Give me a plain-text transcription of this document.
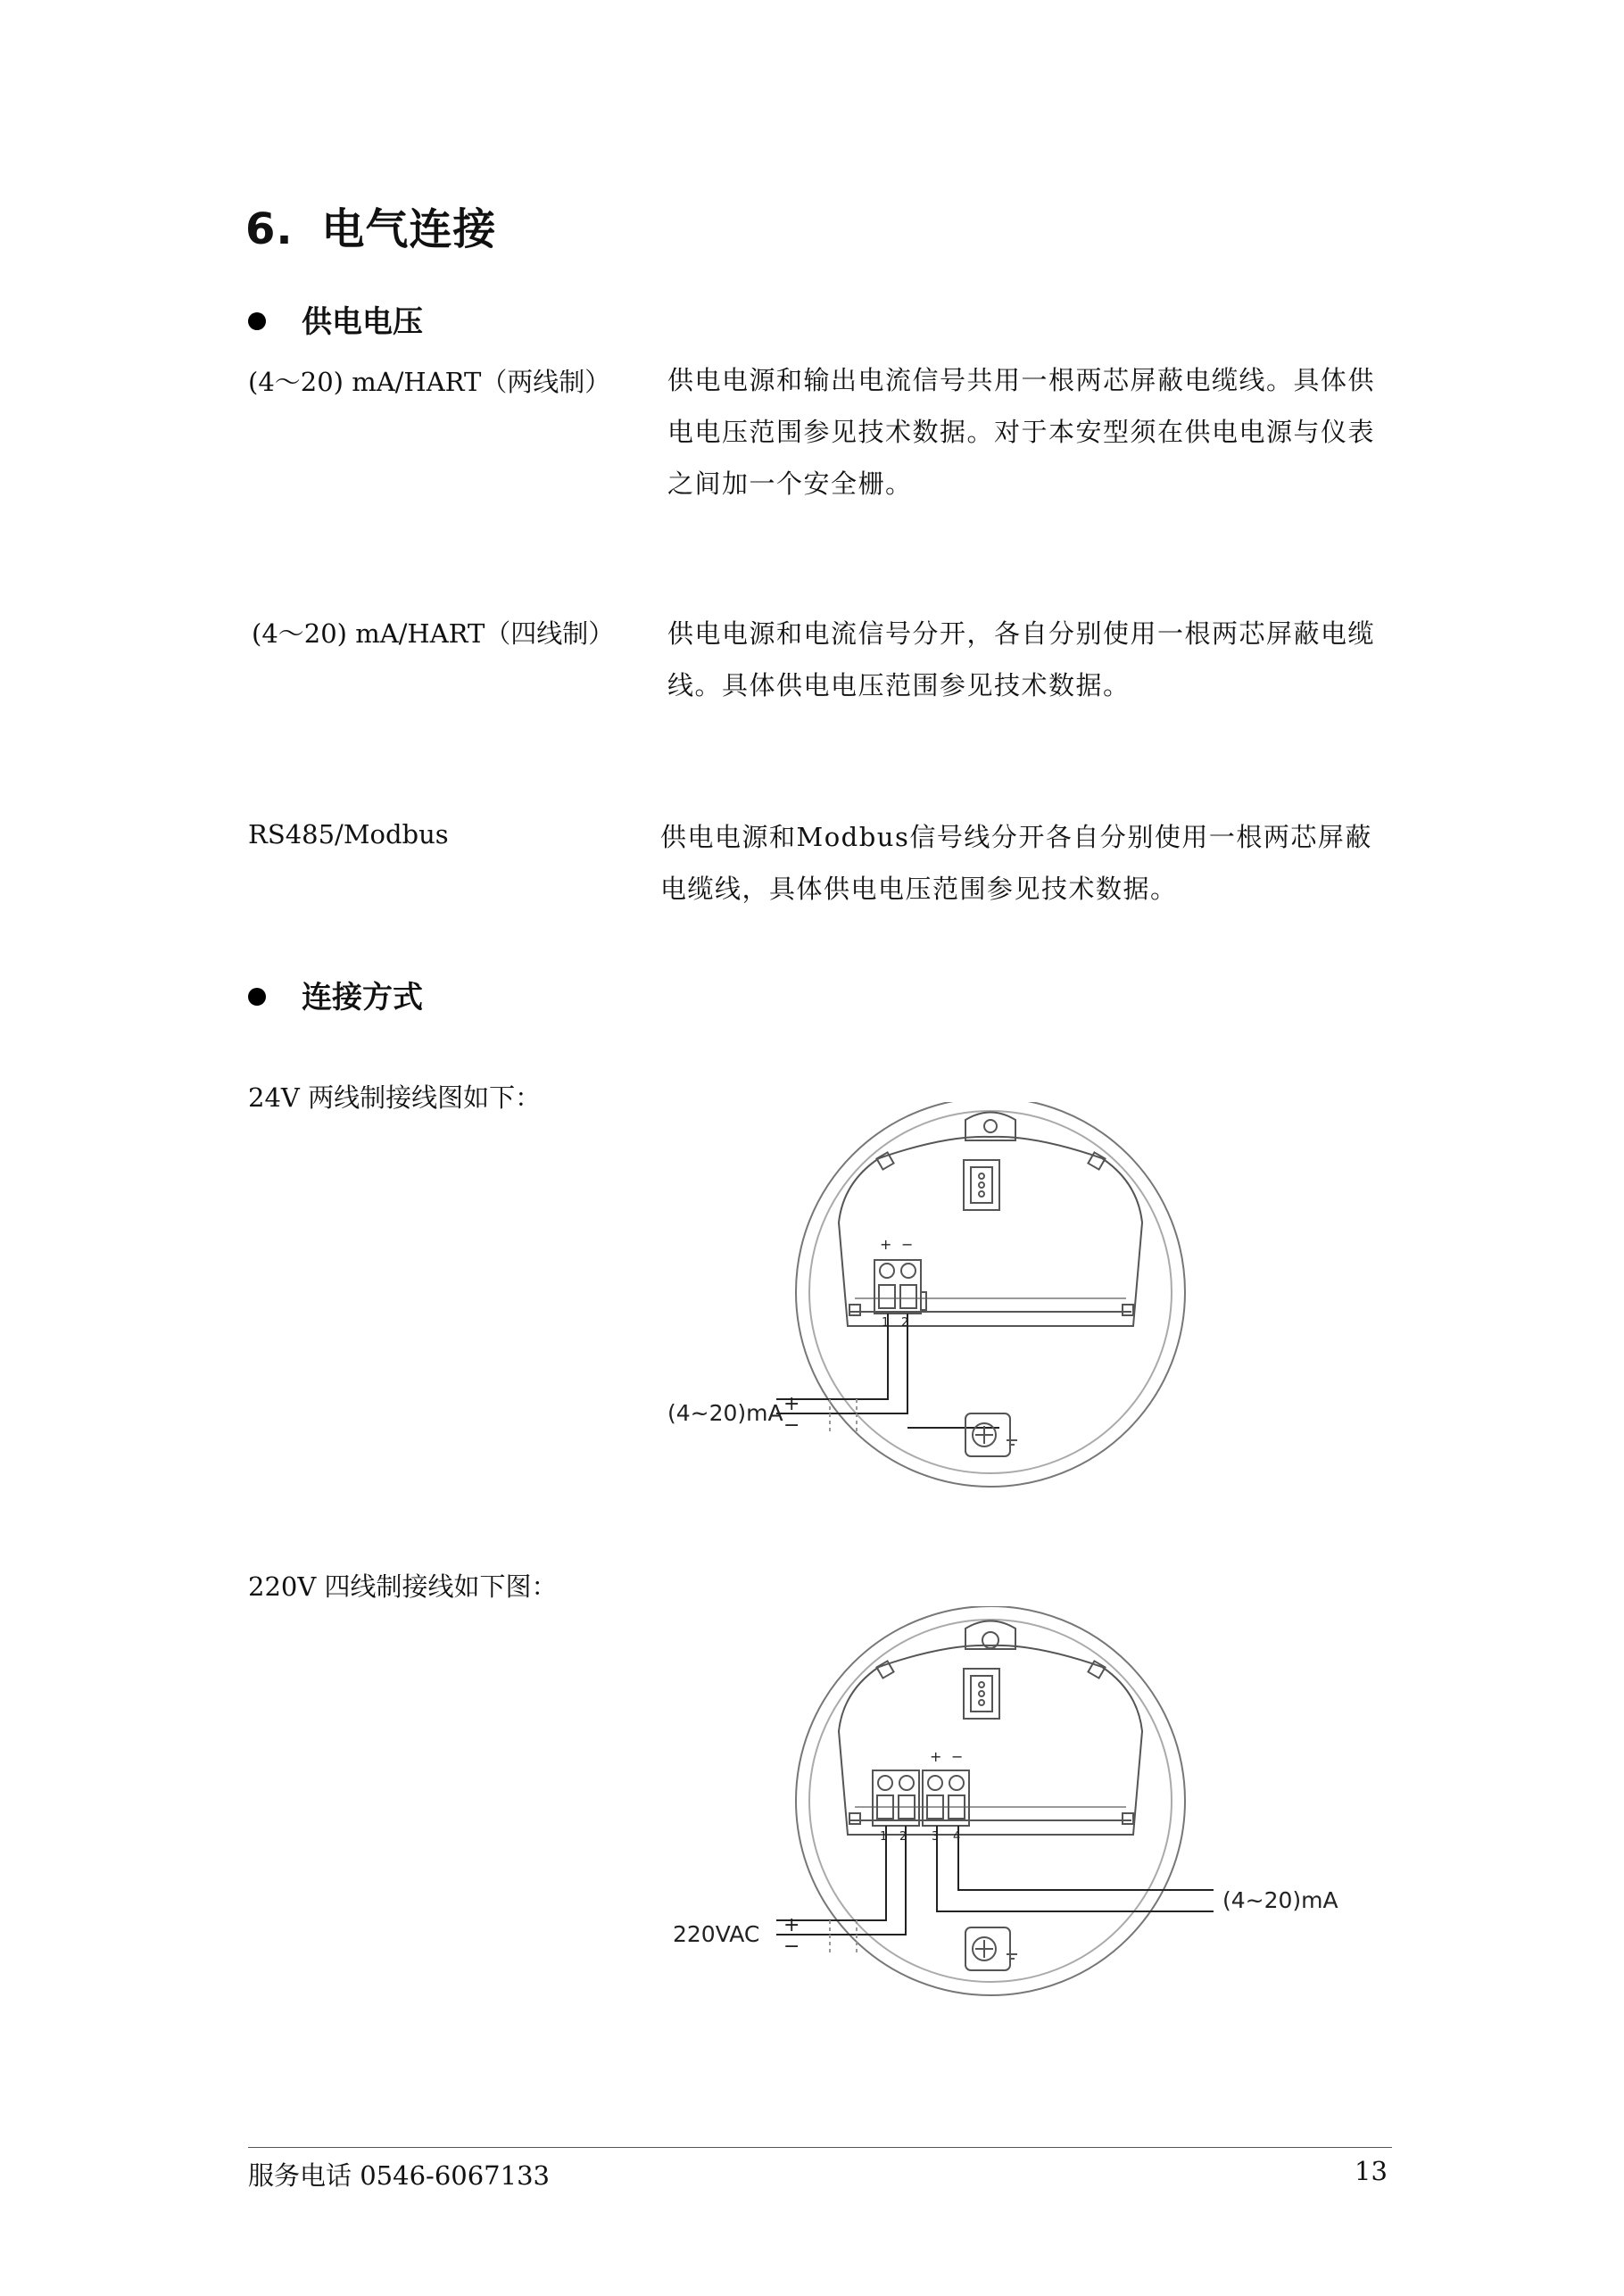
6. 电气连接
供电电压
(4～20) mA/HART（两线制） 供电电源和输出电流信号共用一根两芯屏蔽电缆线。具体供电电压范围参见技术数据。对于本安型须在供电电源与仪表之间加一个安全栅。
(4～20) mA/HART（四线制） 供电电源和电流信号分开，各自分别使用一根两芯屏蔽电缆线。具体供电电压范围参见技术数据。
RS485/Modbus	供电电源和Modbus信号线分开各自分别使用一根两芯屏蔽电缆线，具体供电电压范围参见技术数据。
连接方式
24V 两线制接线图如下：
+ −
1 2
(4~20)mA +
−
220V 四线制接线如下图：
+ −
1 2 3 4
220VAC +
−
(4~20)mA
服务电话 0546-6067133	13
